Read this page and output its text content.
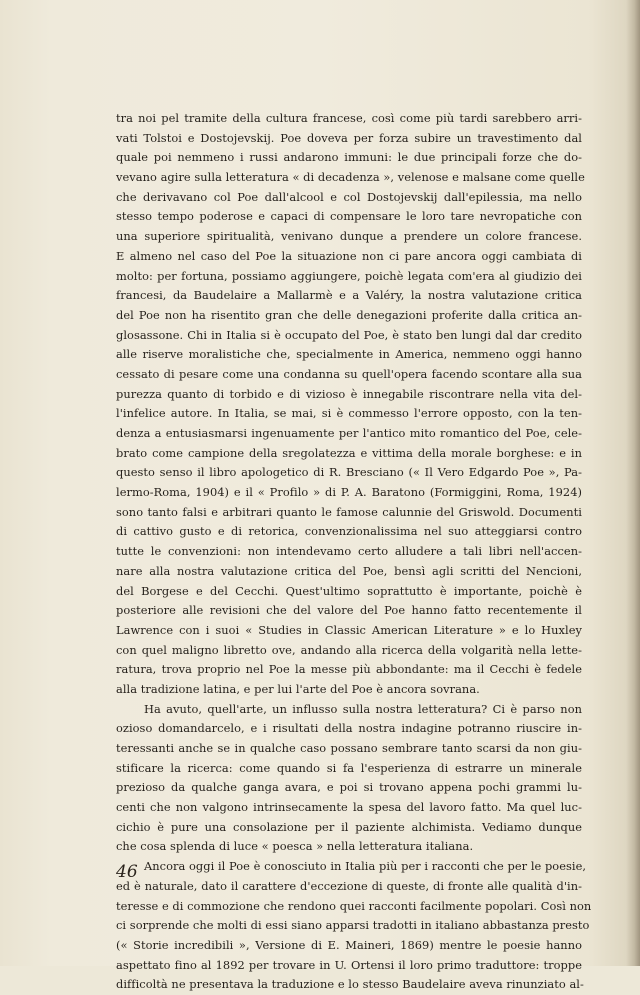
tra noi pel tramite della cultura francese, così come più tardi sarebbero arri-
vati Tolstoi e Dostojevskij. Poe doveva per forza subire un travestimento dal
quale poi nemmeno i russi andarono immuni: le due principali forze che do-
vevano agire sulla letteratura « di decadenza », velenose e malsane come quelle
che derivavano col Poe dall'alcool e col Dostojevskij dall'epilessia, ma nello
stesso tempo poderose e capaci di compensare le loro tare nevropatiche con
una superiore spiritualità, venivano dunque a prendere un colore francese.
E almeno nel caso del Poe la situazione non ci pare ancora oggi cambiata di
molto: per fortuna, possiamo aggiungere, poichè legata com'era al giudizio dei
francesi, da Baudelaire a Mallarmè e a Valéry, la nostra valutazione critica
del Poe non ha risentito gran che delle denegazioni proferite dalla critica an-
glosassone. Chi in Italia si è occupato del Poe, è stato ben lungi dal dar credito
alle riserve moralistiche che, specialmente in America, nemmeno oggi hanno
cessato di pesare come una condanna su quell'opera facendo scontare alla sua
purezza quanto di torbido e di vizioso è innegabile riscontrare nella vita del-
l'infelice autore. In Italia, se mai, si è commesso l'errore opposto, con la ten-
denza a entusiasmarsi ingenuamente per l'antico mito romantico del Poe, cele-
brato come campione della sregolatezza e vittima della morale borghese: e in
questo senso il libro apologetico di R. Bresciano (« Il Vero Edgardo Poe », Pa-
lermo-Roma, 1904) e il « Profilo » di P. A. Baratono (Formiggini, Roma, 1924)
sono tanto falsi e arbitrari quanto le famose calunnie del Griswold. Documenti
di cattivo gusto e di retorica, convenzionalissima nel suo atteggiarsi contro
tutte le convenzioni: non intendevamo certo alludere a tali libri nell'accen-
nare alla nostra valutazione critica del Poe, bensì agli scritti del Nencioni,
del Borgese e del Cecchi. Quest'ultimo soprattutto è importante, poichè è
posteriore alle revisioni che del valore del Poe hanno fatto recentemente il
Lawrence con i suoi « Studies in Classic American Literature » e lo Huxley
con quel maligno libretto ove, andando alla ricerca della volgarità nella lette-
ratura, trova proprio nel Poe la messe più abbondante: ma il Cecchi è fedele
alla tradizione latina, e per lui l'arte del Poe è ancora sovrana.
Ha avuto, quell'arte, un influsso sulla nostra letteratura? Ci è parso non
ozioso domandarcelo, e i risultati della nostra indagine potranno riuscire in-
teressanti anche se in qualche caso possano sembrare tanto scarsi da non giu-
stificare la ricerca: come quando si fa l'esperienza di estrarre un minerale
prezioso da qualche ganga avara, e poi si trovano appena pochi grammi lu-
centi che non valgono intrinsecamente la spesa del lavoro fatto. Ma quel luc-
cichio è pure una consolazione per il paziente alchimista. Vediamo dunque
che cosa splenda di luce « poesca » nella letteratura italiana.
Ancora oggi il Poe è conosciuto in Italia più per i racconti che per le poesie,
ed è naturale, dato il carattere d'eccezione di queste, di fronte alle qualità d'in-
teresse e di commozione che rendono quei racconti facilmente popolari. Così non
ci sorprende che molti di essi siano apparsi tradotti in italiano abbastanza presto
(« Storie incredibili », Versione di E. Maineri, 1869) mentre le poesie hanno
aspettato fino al 1892 per trovare in U. Ortensi il loro primo traduttore: troppe
difficoltà ne presentava la traduzione e lo stesso Baudelaire aveva rinunziato al-
46
